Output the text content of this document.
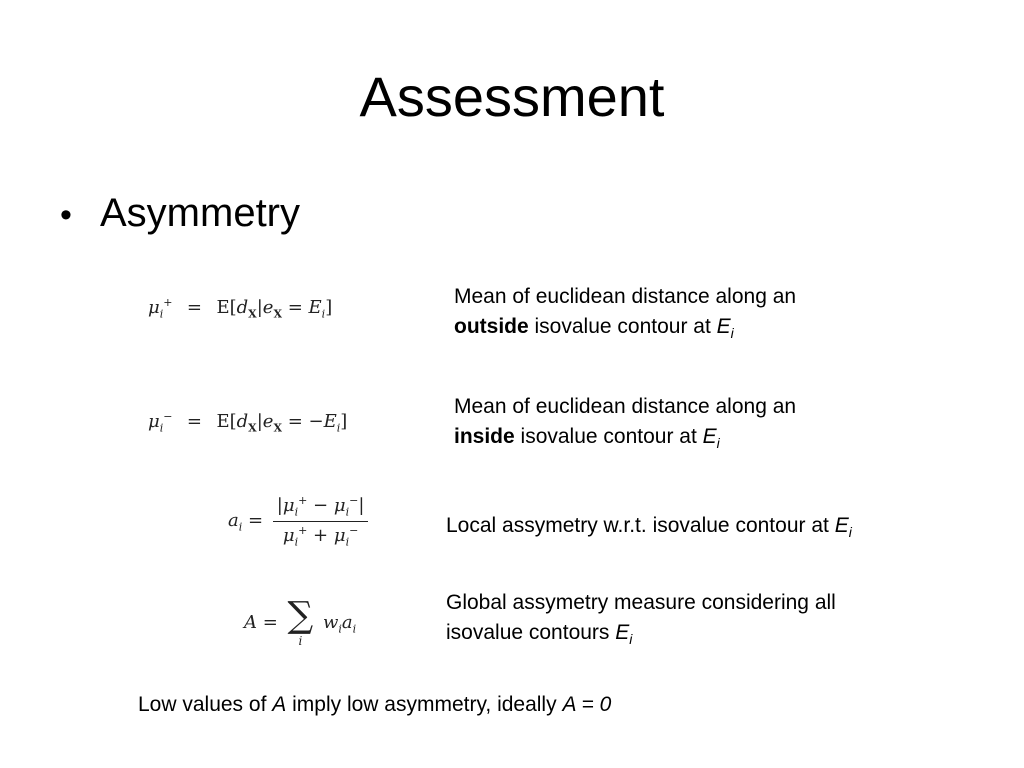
Assessment
• Asymmetry
$\mu_i^+ = E[d_X|e_X = E_i]$	Mean of euclidean distance along an
outside isovalue contour at $E_i$
$\mu_i^- = E[d_X|e_X = -E_i]$
Mean of euclidean distance along an
inside isovalue contour at $E_i$
$a_i = \frac{|\mu_i^+ - \mu_i^-|}{\mu_i^+ + \mu_i^-}$	Local assymetry w.r.t. isovalue contour at $E_i$
A = ∑
i
$w_ia_i$
Global assymetry measure considering all
isovalue contours $E_i$
Low values of A imply low asymmetry, ideally A = 0
